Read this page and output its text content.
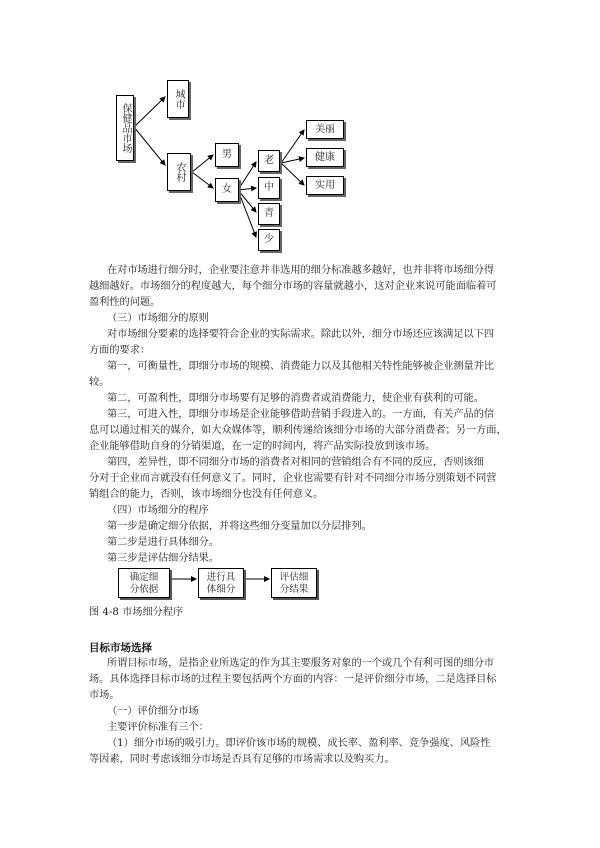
保健品市场
城市
农村
男
女
老
中
青
少
美丽
健康
实用
在对市场进行细分时，企业要注意并非选用的细分标准越多越好，也并非将市场细分得
越细越好。市场细分的程度越大，每个细分市场的容量就越小，这对企业来说可能面临着可
盈利性的问题。
（三）市场细分的原则
对市场细分要素的选择要符合企业的实际需求。除此以外，细分市场还应该满足以下四
方面的要求：
第一，可衡量性，即细分市场的规模、消费能力以及其他相关特性能够被企业测量并比
较。
第二，可盈利性，即细分市场要有足够的消费者或消费能力，使企业有获利的可能。
第三，可进入性，即细分市场是企业能够借助营销手段进入的。一方面，有关产品的信
息可以通过相关的媒介，如大众媒体等，顺利传递给该细分市场的大部分消费者；另一方面，
企业能够借助自身的分销渠道，在一定的时间内，将产品实际投放到该市场。
第四，差异性，即不同细分市场的消费者对相同的营销组合有不同的反应，否则该细
分对于企业而言就没有任何意义了。同时，企业也需要有针对不同细分市场分别策划不同营
销组合的能力，否则，该市场细分也没有任何意义。
（四）市场细分的程序
第一步是确定细分依据，并将这些细分变量加以分层排列。
第二步是进行具体细分。
第三步是评估细分结果。
确定细
分依据
进行具
体细分
评估细
分结果
图 4-8 市场细分程序
目标市场选择
所谓目标市场，是指企业所选定的作为其主要服务对象的一个或几个有利可图的细分市
场。具体选择目标市场的过程主要包括两个方面的内容：一是评价细分市场，二是选择目标
市场。
（一）评价细分市场
主要评价标准有三个：
（1）细分市场的吸引力。即评价该市场的规模、成长率、盈利率、竞争强度、风险性
等因素，同时考虑该细分市场是否具有足够的市场需求以及购买力。
